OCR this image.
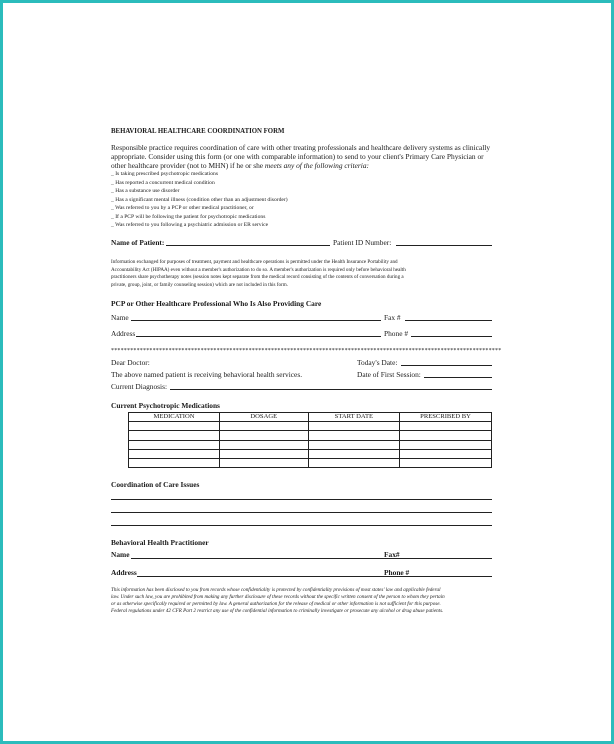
BEHAVIORAL HEALTHCARE COORDINATION FORM
Responsible practice requires coordination of care with other treating professionals and healthcare delivery systems as clinically
appropriate. Consider using this form (or one with comparable information) to send to your client's Primary Care Physician or
other healthcare provider (not to MHN) if he or she meets any of the following criteria:
_ Is taking prescribed psychotropic medications
_ Has reported a concurrent medical condition
_ Has a substance use disorder
_ Has a significant mental illness (condition other than an adjustment disorder)
_ Was referred to you by a PCP or other medical practitioner, or
_ If a PCP will be following the patient for psychotropic medications
_ Was referred to you following a psychiatric admission or ER service
Name of Patient:	Patient ID Number:
Information exchanged for purposes of treatment, payment and healthcare operations is permitted under the Health Insurance Portability and
Accountability Act (HIPAA) even without a member's authorization to do so. A member's authorization is required only before behavioral health
practitioners share psychotherapy notes (session notes kept separate from the medical record consisting of the contents of conversation during a
private, group, joint, or family counseling session) which are not included in this form.
PCP or Other Healthcare Professional Who Is Also Providing Care
Name	Fax #
Address	Phone #
**************************************************************************************************************************
Dear Doctor:	Today's Date:
The above named patient is receiving behavioral health services.	Date of First Session:
Current Diagnosis:
Current Psychotropic Medications
MEDICATION	DOSAGE	START DATE	PRESCRIBED BY

Coordination of Care Issues
Behavioral Health Practitioner
Name	Fax#
Address	Phone #
This information has been disclosed to you from records whose confidentiality is protected by confidentiality provisions of most states' law and applicable federal
law. Under such law, you are prohibited from making any further disclosure of these records without the specific written consent of the person to whom they pertain
or as otherwise specifically required or permitted by law. A general authorization for the release of medical or other information is not sufficient for this purpose.
Federal regulations under 42 CFR Part 2 restrict any use of the confidential information to criminally investigate or prosecute any alcohol or drug abuse patients.
